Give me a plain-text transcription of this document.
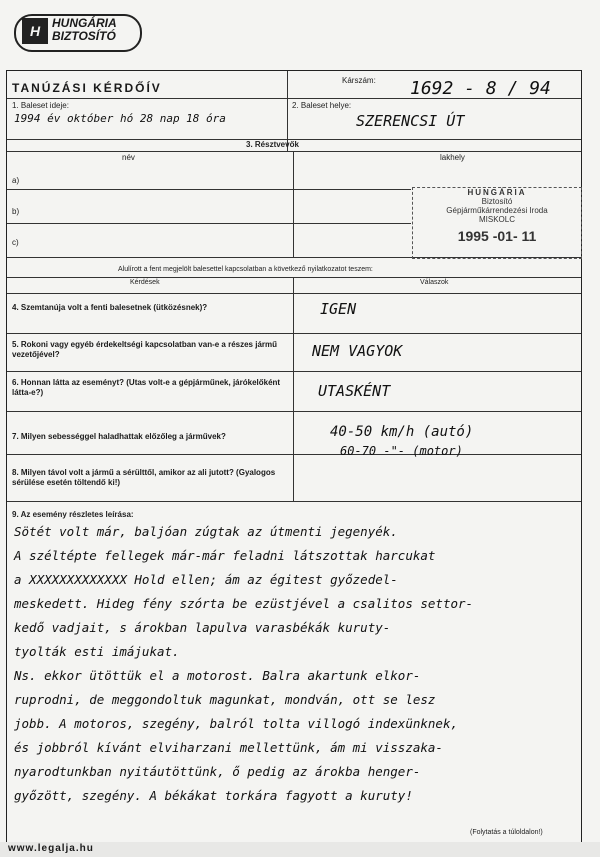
H HUNGÁRIA
BIZTOSÍTÓ
TANÚZÁSI KÉRDŐÍV
Kárszám: 1692 - 8 / 94
1. Baleset ideje:
1994 év október hó 28 nap 18 óra
2. Baleset helye:
SZERENCSI ÚT
3. Résztvevők
név	lakhely
a)
b)
c)
HUNGÁRIA
Biztosító
Gépjárműkárrendezési Iroda
MISKOLC
1995 -01- 11
Alulírott a fent megjelölt balesettel kapcsolatban a következő nyilatkozatot teszem:
Kérdések	Válaszok
4. Szemtanúja volt a fenti balesetnek (ütközésnek)?	IGEN
5. Rokoni vagy egyéb érdekeltségi kapcsolatban van-e a részes jármű vezetőjével?	NEM VAGYOK
6. Honnan látta az eseményt? (Utas volt-e a gépjárműnek, járókelőként látta-e?)	UTASKÉNT
7. Milyen sebességgel haladhattak előzőleg a járművek?	40-50 km/h (autó)
60-70 -"- (motor)
8. Milyen távol volt a jármű a sérülttől, amikor az ali jutott? (Gyalogos sérülése esetén töltendő ki!)
9. Az esemény részletes leírása:
Sötét volt már, baljóan zúgtak az útmenti jegenyék.
A széltépte fellegek már-már feladni látszottak harcukat
a XXXXXXXXXXXXX Hold ellen; ám az égitest győzedel-
meskedett. Hideg fény szórta be ezüstjével a csalitos settor-
kedő vadjait, s árokban lapulva varasbékák kuruty-
tyolták esti imájukat.
Ns. ekkor ütöttük el a motorost. Balra akartunk elkor-
ruprodni, de meggondoltuk magunkat, mondván, ott se lesz
jobb. A motoros, szegény, balról tolta villogó indexünknek,
és jobbról kívánt elviharzani mellettünk, ám mi visszaka-
nyarodtunkban nyitáutöttünk, ő pedig az árokba henger-
győzött, szegény. A békákat torkára fagyott a kuruty!
(Folytatás a túloldalon!)
www.legalja.hu
